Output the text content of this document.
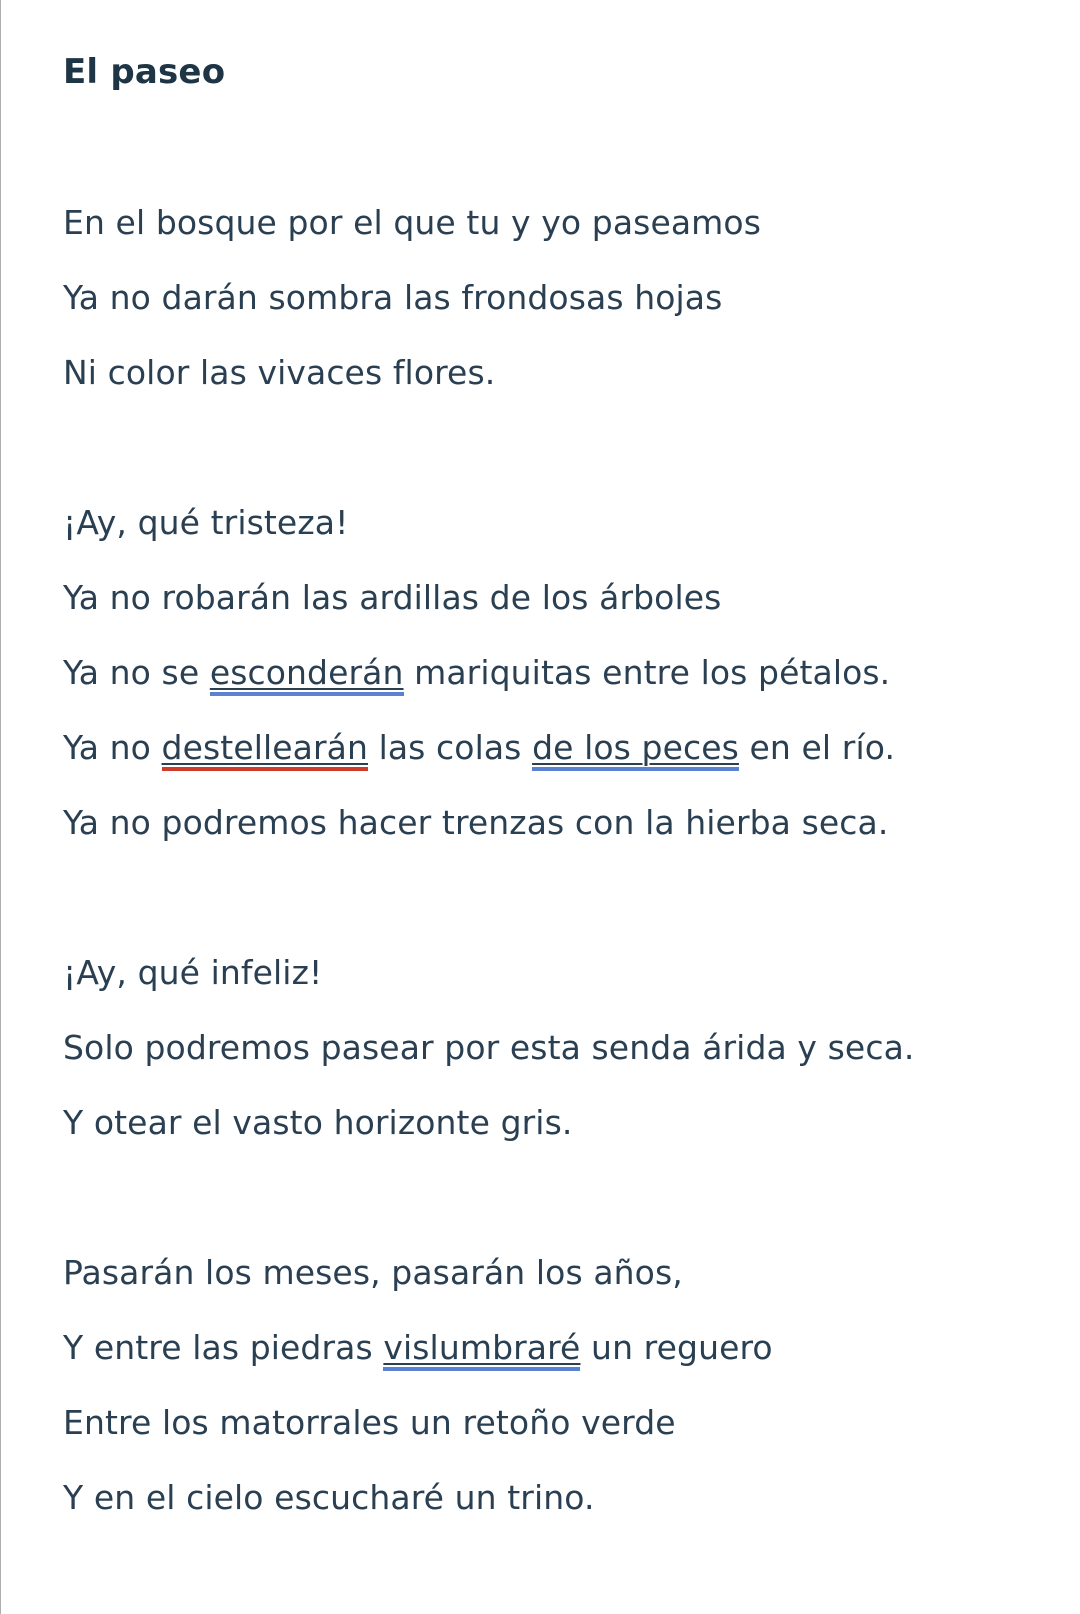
El paseo

En el bosque por el que tu y yo paseamos

Ya no darán sombra las frondosas hojas

Ni color las vivaces flores.

¡Ay, qué tristeza!

Ya no robarán las ardillas de los árboles

Ya no se esconderán mariquitas entre los pétalos.

Ya no destellearán las colas de los peces en el río.

Ya no podremos hacer trenzas con la hierba seca.

¡Ay, qué infeliz!

Solo podremos pasear por esta senda árida y seca.

Y otear el vasto horizonte gris.

Pasarán los meses, pasarán los años,

Y entre las piedras vislumbraré un reguero

Entre los matorrales un retoño verde

Y en el cielo escucharé un trino.
